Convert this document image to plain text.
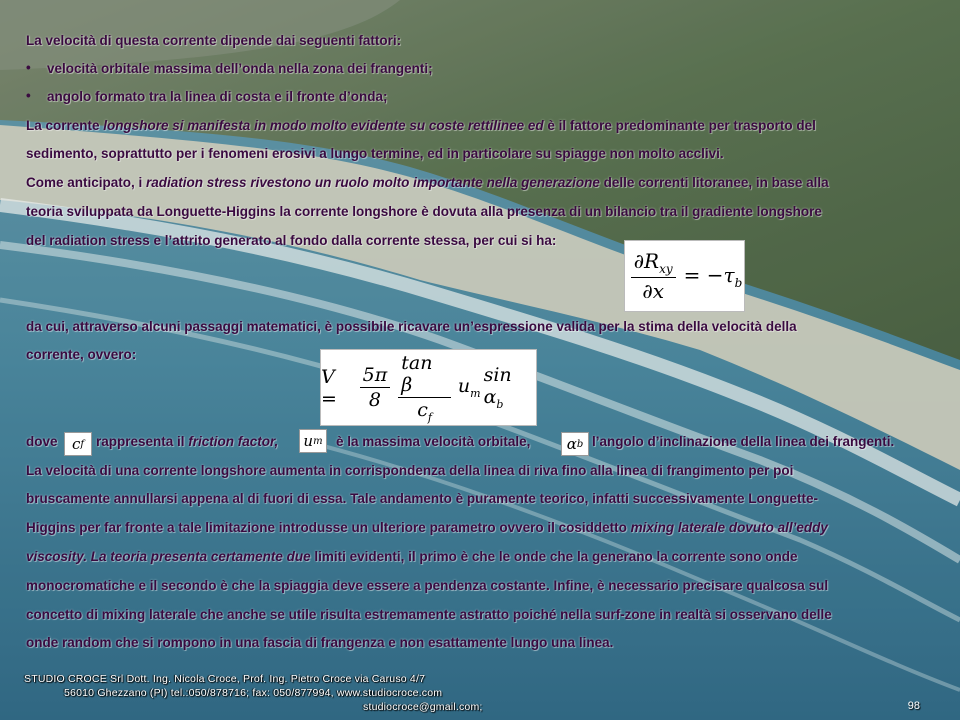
La velocità di questa corrente dipende dai seguenti fattori:
• velocità orbitale massima dell’onda nella zona dei frangenti;
• angolo formato tra la linea di costa e il fronte d’onda;
La corrente longshore si manifesta in modo molto evidente su coste rettilinee ed è il fattore predominante per trasporto del
sedimento, soprattutto per i fenomeni erosivi a lungo termine, ed in particolare su spiagge non molto acclivi.
Come anticipato, i radiation stress rivestono un ruolo molto importante nella generazione delle correnti litoranee, in base alla
teoria sviluppata da Longuette-Higgins la corrente longshore è dovuta alla presenza di un bilancio tra il gradiente longshore
del radiation stress e l’attrito generato al fondo dalla corrente stessa, per cui si ha:
$\frac{\partial R_{xy}}{\partial x} = -\tau_b$
da cui, attraverso alcuni passaggi matematici, è possibile ricavare un’espressione valida per la stima della velocità della
corrente, ovvero:
V =	$\frac{5\pi}{8} \frac{\text{tan β}}{c_f} u_m$
$\sin \alpha_b$
dove c f rappresenta il friction factor, u m è la massima velocità orbitale, α b l’angolo d’inclinazione della linea dei frangenti.
La velocità di una corrente longshore aumenta in corrispondenza della linea di riva fino alla linea di frangimento per poi
bruscamente annullarsi appena al di fuori di essa. Tale andamento è puramente teorico, infatti successivamente Longuette-
Higgins per far fronte a tale limitazione introdusse un ulteriore parametro ovvero il cosiddetto mixing laterale dovuto all’eddy
viscosity. La teoria presenta certamente due limiti evidenti, il primo è che le onde che la generano la corrente sono onde
monocromatiche e il secondo è che la spiaggia deve essere a pendenza costante. Infine, è necessario precisare qualcosa sul
concetto di mixing laterale che anche se utile risulta estremamente astratto poiché nella surf-zone in realtà si osservano delle
onde random che si rompono in una fascia di frangenza e non esattamente lungo una linea.
STUDIO CROCE Srl Dott. Ing. Nicola Croce, Prof. Ing. Pietro Croce via Caruso 4/7
56010 Ghezzano (PI) tel.:050/878716; fax: 050/877994, www.studiocroce.com
studiocroce@gmail.com;	98
